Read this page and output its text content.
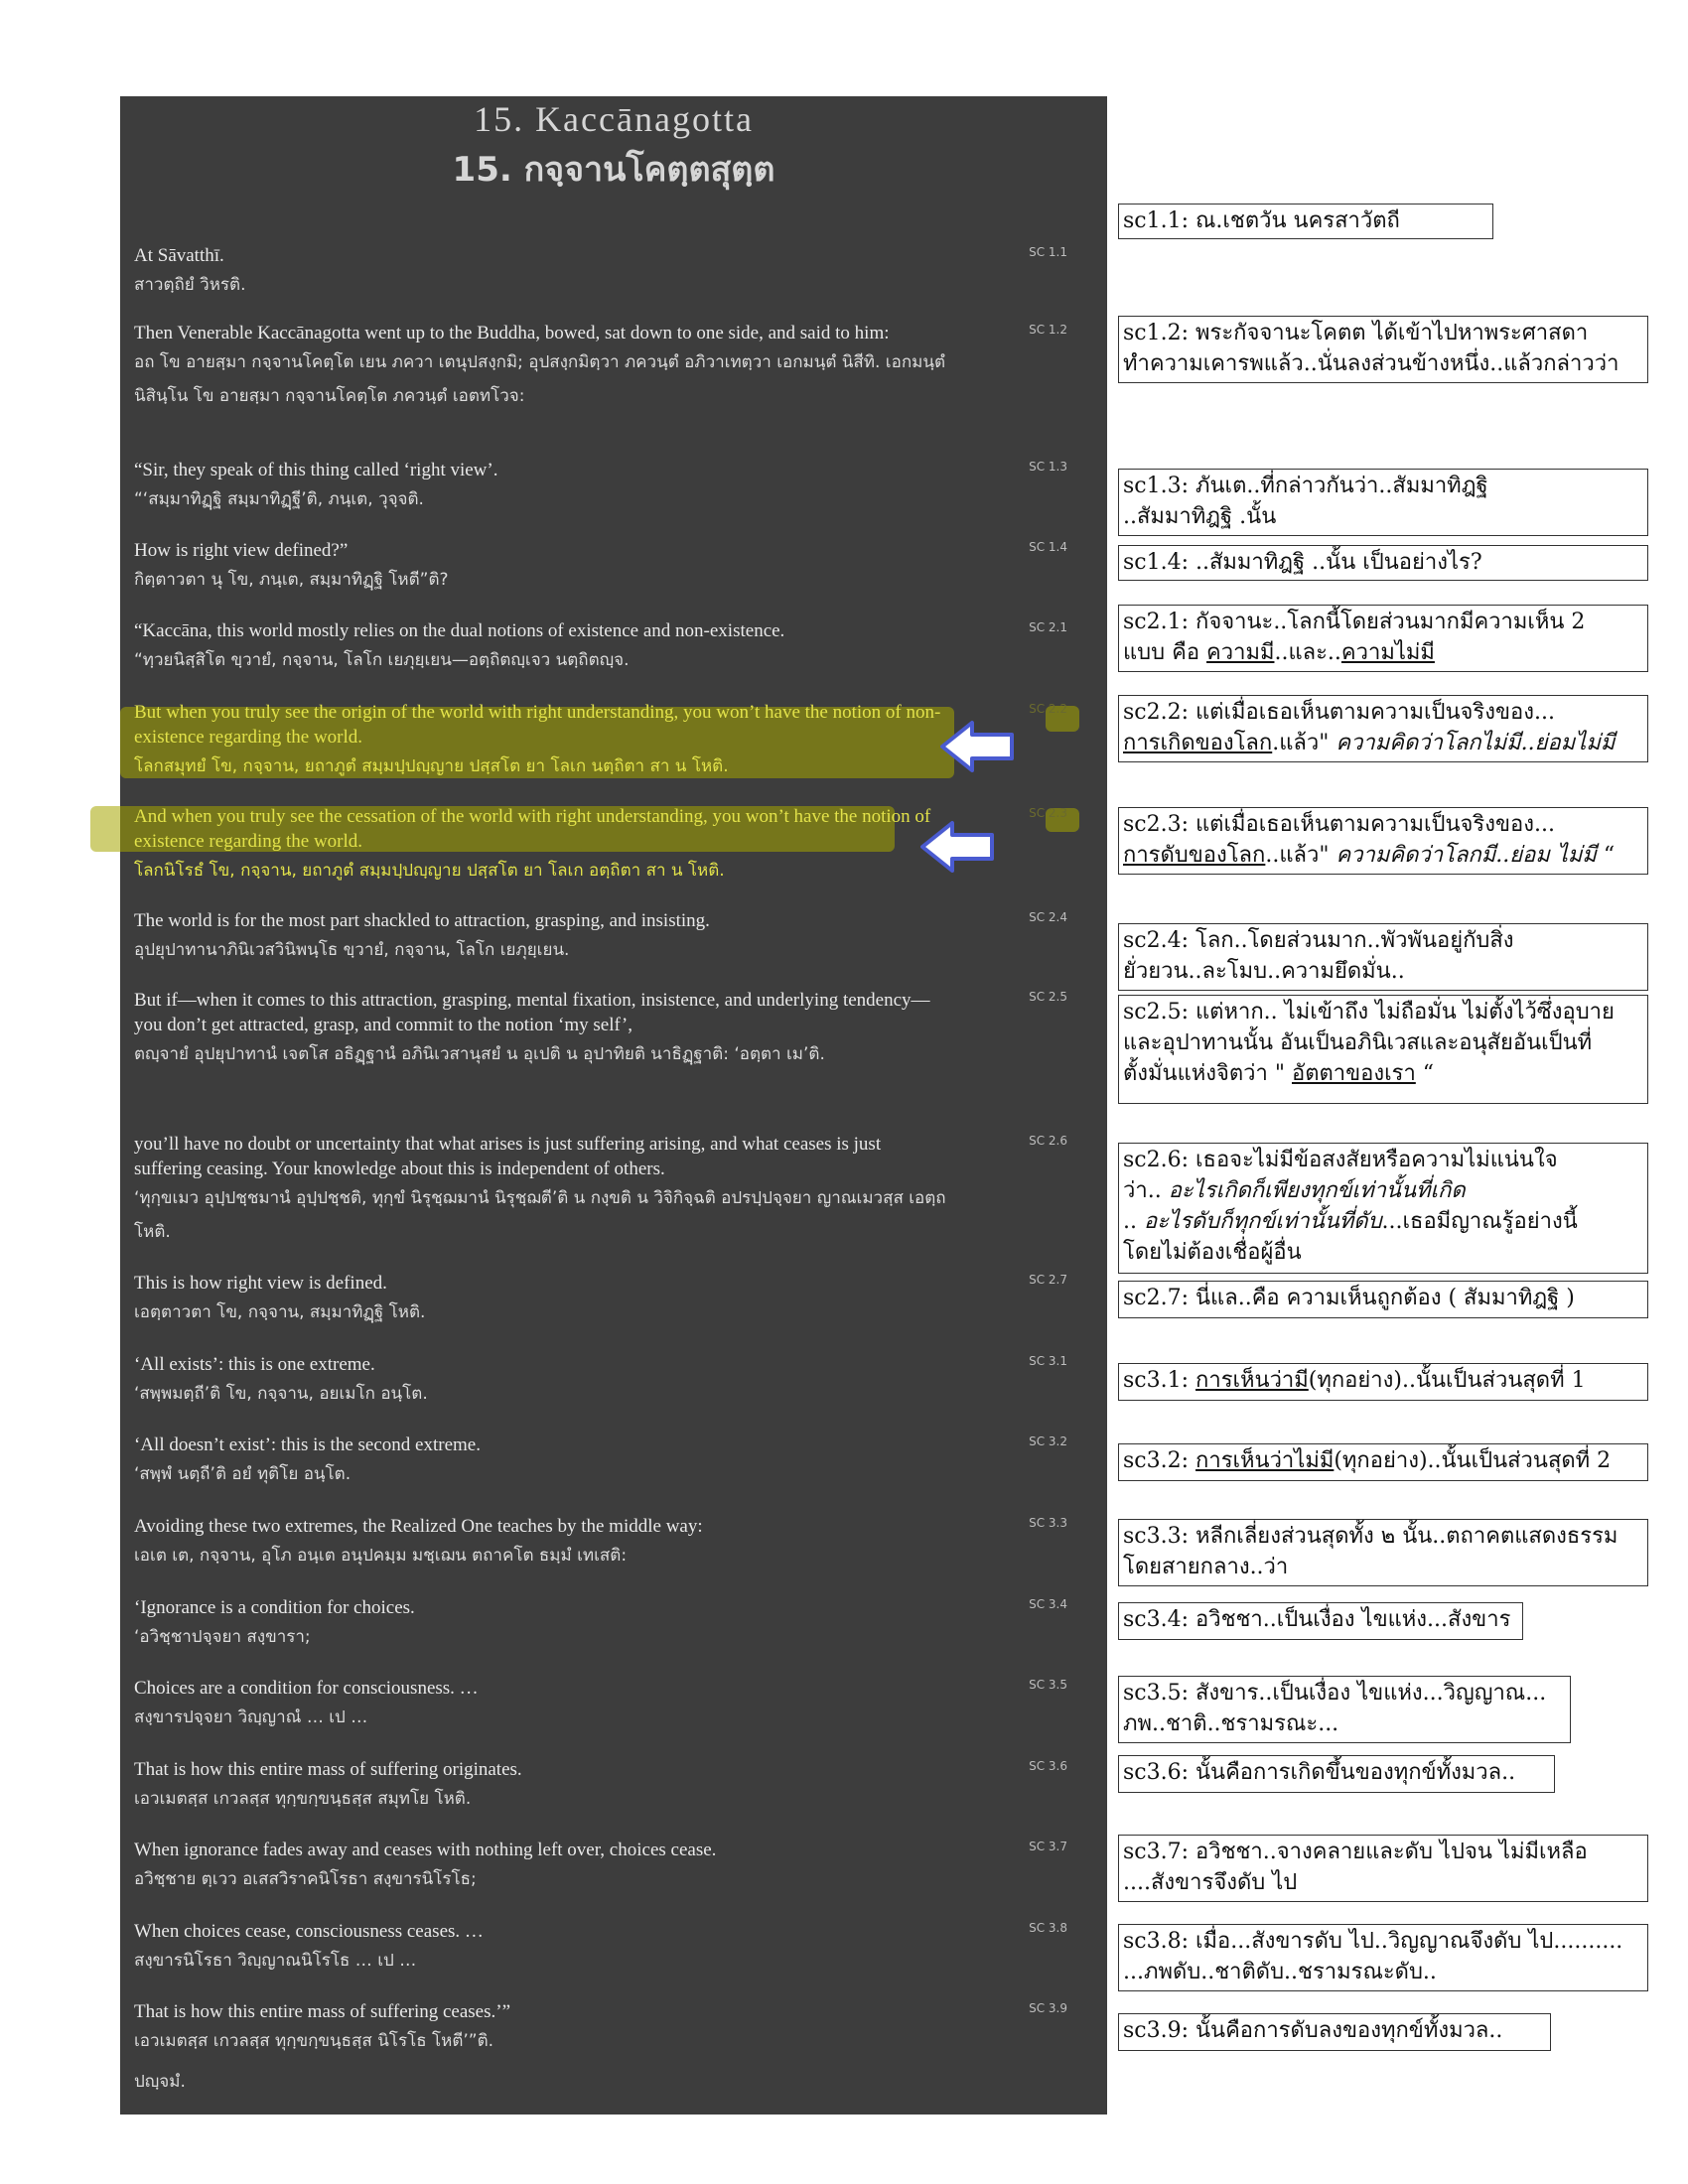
15. Kaccānagotta
15. กจฺจานโคตฺตสุตฺต
At Sāvatthī.
สาวตฺถิยํ วิหรติ.
SC 1.1
Then Venerable Kaccānagotta went up to the Buddha, bowed, sat down to one side, and said to him:
อถ โข อายสฺมา กจฺจานโคตฺโต เยน ภควา เตนุปสงฺกมิ; อุปสงฺกมิตฺวา ภควนฺตํ อภิวาเทตฺวา เอกมนฺตํ นิสีทิ. เอกมนฺตํ นิสินฺโน โข อายสฺมา กจฺจานโคตฺโต ภควนฺตํ เอตทโวจ:
SC 1.2
“Sir, they speak of this thing called ‘right view’.
“‘สมฺมาทิฏฺฐิ สมฺมาทิฏฺฐี’ติ, ภนฺเต, วุจฺจติ.
SC 1.3
How is right view defined?”
กิตฺตาวตา นุ โข, ภนฺเต, สมฺมาทิฏฺฐิ โหตี”ติ?
SC 1.4
“Kaccāna, this world mostly relies on the dual notions of existence and non-existence.
“ทฺวยนิสฺสิโต ขฺวายํ, กจฺจาน, โลโก เยภุยฺเยน—อตฺถิตญฺเจว นตฺถิตญฺจ.
SC 2.1
But when you truly see the origin of the world with right understanding, you won’t have the notion of non-existence regarding the world.
โลกสมุทยํ โข, กจฺจาน, ยถาภูตํ สมฺมปฺปญฺญาย ปสฺสโต ยา โลเก นตฺถิตา สา น โหติ.
SC 2.2
And when you truly see the cessation of the world with right understanding, you won’t have the notion of existence regarding the world.
โลกนิโรธํ โข, กจฺจาน, ยถาภูตํ สมฺมปฺปญฺญาย ปสฺสโต ยา โลเก อตฺถิตา สา น โหติ.
SC 2.3
The world is for the most part shackled to attraction, grasping, and insisting.
อุปยุปาทานาภินิเวสวินิพนฺโธ ขฺวายํ, กจฺจาน, โลโก เยภุยฺเยน.
SC 2.4
But if—when it comes to this attraction, grasping, mental fixation, insistence, and underlying tendency—you don’t get attracted, grasp, and commit to the notion ‘my self’,
ตญฺจายํ อุปยุปาทานํ เจตโส อธิฏฺฐานํ อภินิเวสานุสยํ น อุเปติ น อุปาทิยติ นาธิฏฺฐาติ: ‘อตฺตา เม’ติ.
SC 2.5
you’ll have no doubt or uncertainty that what arises is just suffering arising, and what ceases is just suffering ceasing. Your knowledge about this is independent of others.
‘ทุกฺขเมว อุปฺปชฺชมานํ อุปฺปชฺชติ, ทุกฺขํ นิรุชฺฌมานํ นิรุชฺฌตี’ติ น กงฺขติ น วิจิกิจฺฉติ อปรปฺปจฺจยา ญาณเมวสฺส เอตฺถ โหติ.
SC 2.6
This is how right view is defined.
เอตฺตาวตา โข, กจฺจาน, สมฺมาทิฏฺฐิ โหติ.
SC 2.7
‘All exists’: this is one extreme.
‘สพฺพมตฺถี’ติ โข, กจฺจาน, อยเมโก อนฺโต.
SC 3.1
‘All doesn’t exist’: this is the second extreme.
‘สพฺพํ นตฺถี’ติ อยํ ทุติโย อนฺโต.
SC 3.2
Avoiding these two extremes, the Realized One teaches by the middle way:
เอเต เต, กจฺจาน, อุโภ อนฺเต อนุปคมฺม มชฺเฌน ตถาคโต ธมฺมํ เทเสติ:
SC 3.3
‘Ignorance is a condition for choices.
‘อวิชฺชาปจฺจยา สงฺขารา;
SC 3.4
Choices are a condition for consciousness. …
สงฺขารปจฺจยา วิญฺญาณํ … เป …
SC 3.5
That is how this entire mass of suffering originates.
เอวเมตสฺส เกวลสฺส ทุกฺขกฺขนฺธสฺส สมุทโย โหติ.
SC 3.6
When ignorance fades away and ceases with nothing left over, choices cease.
อวิชฺชาย ตฺเวว อเสสวิราคนิโรธา สงฺขารนิโรโธ;
SC 3.7
When choices cease, consciousness ceases. …
สงฺขารนิโรธา วิญฺญาณนิโรโธ … เป …
SC 3.8
That is how this entire mass of suffering ceases.’”
เอวเมตสฺส เกวลสฺส ทุกฺขกฺขนฺธสฺส นิโรโธ โหตี’”ติ.
SC 3.9
ปญฺจมํ.
sc1.1: ณ.เชตวัน นครสาวัตถี
sc1.2: พระกัจจานะโคตต ได้เข้าไปหาพระศาสดา
ทำความเคารพแล้ว..นั่นลงส่วนข้างหนึ่ง..แล้วกล่าวว่า
sc1.3: ภันเต..ที่กล่าวกันว่า..สัมมาทิฎฐิ
..สัมมาทิฎฐิ .นั้น
sc1.4: ..สัมมาทิฎฐิ ..นั้น เป็นอย่างไร?
sc2.1: กัจจานะ..โลกนี้โดยส่วนมากมีความเห็น 2
แบบ คือ ความมี..และ..ความไม่มี
sc2.2: แต่เมื่อเธอเห็นตามความเป็นจริงของ...
การเกิดของโลก.แล้ว" ความคิดว่าโลกไม่มี..ย่อมไม่มี
sc2.3: แต่เมื่อเธอเห็นตามความเป็นจริงของ...
การดับของโลก..แล้ว" ความคิดว่าโลกมี..ย่อม ไม่มี “
sc2.4: โลก..โดยส่วนมาก..พัวพันอยู่กับสิ่ง
ยั่วยวน..ละโมบ..ความยึดมั่น..
sc2.5: แต่หาก.. ไม่เข้าถึง ไม่ถือมั่น ไม่ตั้งไว้ซึ่งอุบาย
และอุปาทานนั้น อันเป็นอภินิเวสและอนุสัยอันเป็นที่
ตั้งมั่นแห่งจิตว่า " อัตตาของเรา “
sc2.6: เธอจะไม่มีข้อสงสัยหรือความไม่แน่นใจ
ว่า.. อะไรเกิดก็เพียงทุกข์เท่านั้นที่เกิด
.. อะไรดับก็ทุกข์เท่านั้นที่ดับ...เธอมีญาณรู้อย่างนี้
โดยไม่ต้องเชื่อผู้อื่น
sc2.7: นี่แล..คือ ความเห็นถูกต้อง ( สัมมาทิฎฐิ )
sc3.1: การเห็นว่ามี(ทุกอย่าง)..นั้นเป็นส่วนสุดที่ 1
sc3.2: การเห็นว่าไม่มี(ทุกอย่าง)..นั้นเป็นส่วนสุดที่ 2
sc3.3: หลีกเลี่ยงส่วนสุดทั้ง ๒ นั้น..ตถาคตแสดงธรรม
โดยสายกลาง..ว่า
sc3.4: อวิชชา..เป็นเงื่อง ไขแห่ง...สังขาร
sc3.5: สังขาร..เป็นเงื่อง ไขแห่ง...วิญญาณ...
ภพ..ชาติ..ชรามรณะ...
sc3.6: นั้นคือการเกิดขึ้นของทุกข์ทั้งมวล..
sc3.7: อวิชชา..จางคลายและดับ ไปจน ไม่มีเหลือ
....สังขารจึงดับ ไป
sc3.8: เมื่อ...สังขารดับ ไป..วิญญาณจึงดับ ไป..........
...ภพดับ..ชาติดับ..ชรามรณะดับ..
sc3.9: นั้นคือการดับลงของทุกข์ทั้งมวล..
